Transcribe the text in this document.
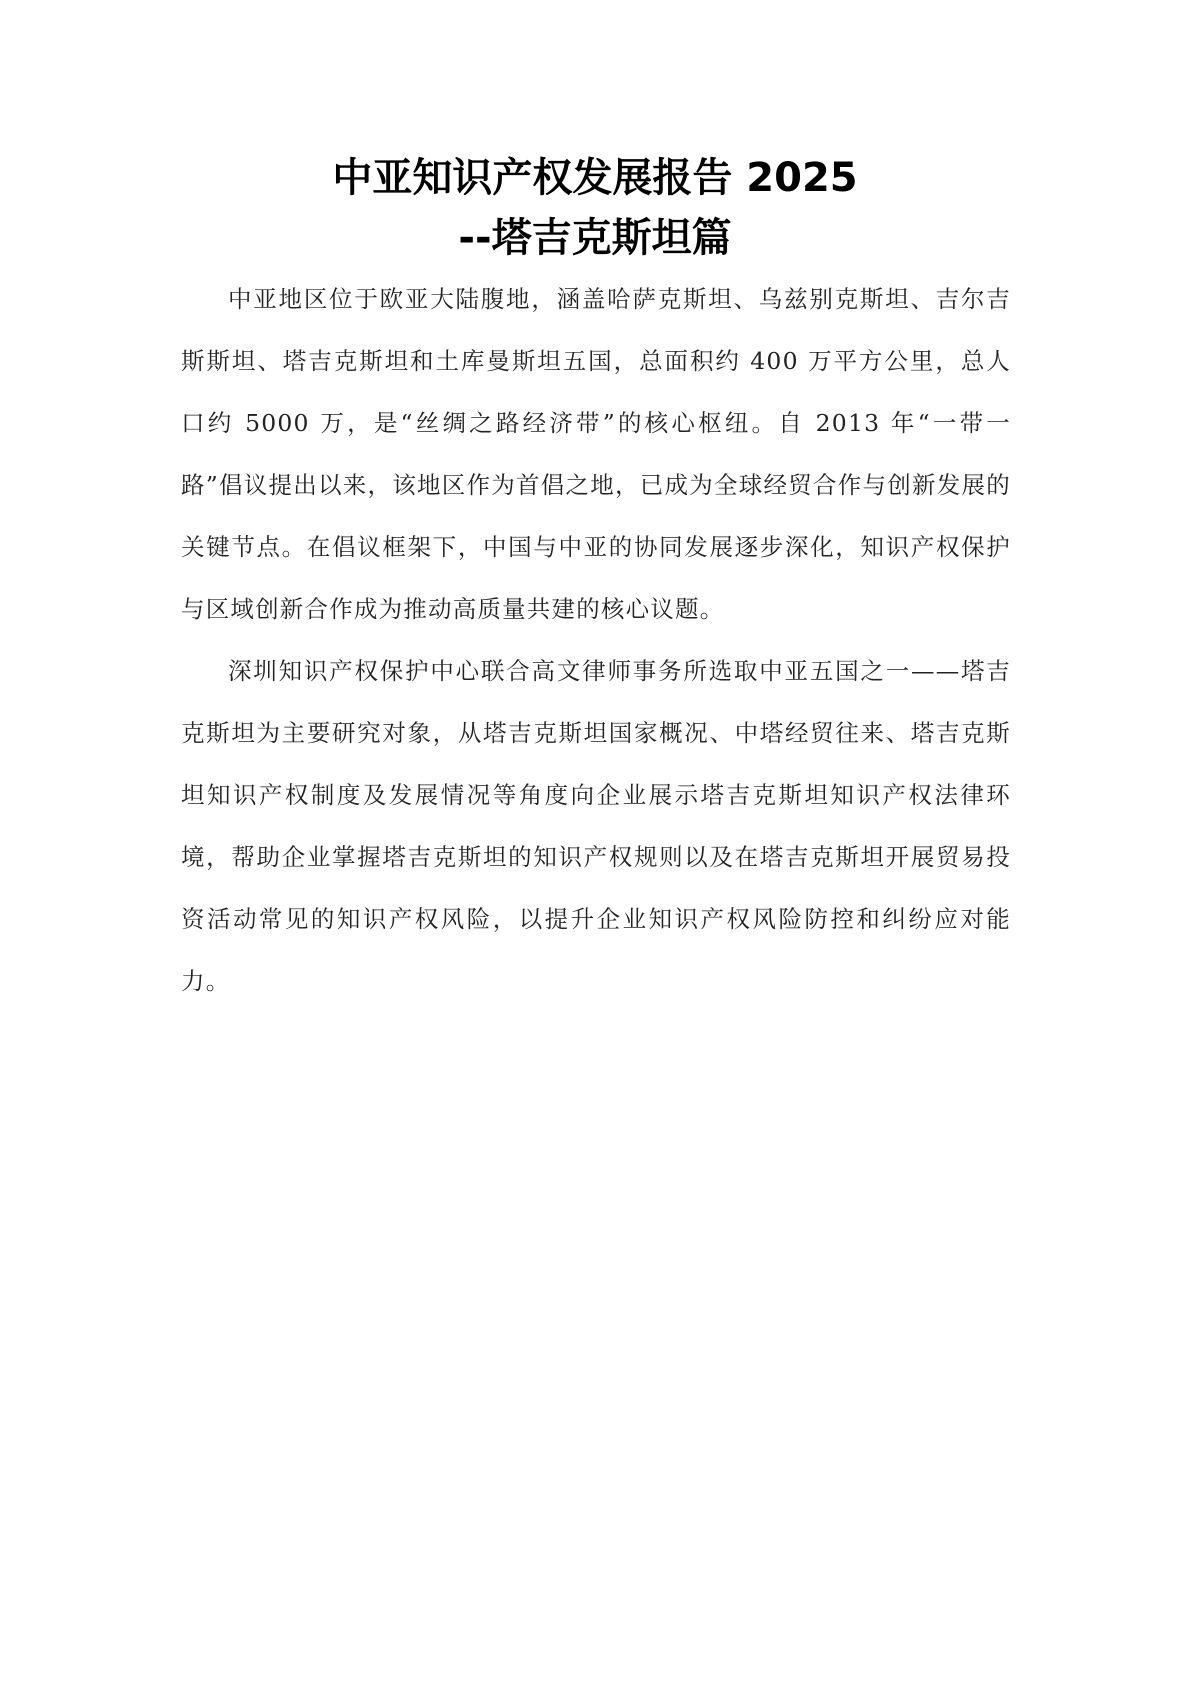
中亚知识产权发展报告 2025
--塔吉克斯坦篇

中亚地区位于欧亚大陆腹地，涵盖哈萨克斯坦、乌兹别克斯坦、吉尔吉斯斯坦、塔吉克斯坦和土库曼斯坦五国，总面积约 400 万平方公里，总人口约 5000 万，是“丝绸之路经济带”的核心枢纽。自 2013 年“一带一路”倡议提出以来，该地区作为首倡之地，已成为全球经贸合作与创新发展的关键节点。在倡议框架下，中国与中亚的协同发展逐步深化，知识产权保护与区域创新合作成为推动高质量共建的核心议题。

深圳知识产权保护中心联合高文律师事务所选取中亚五国之一——塔吉克斯坦为主要研究对象，从塔吉克斯坦国家概况、中塔经贸往来、塔吉克斯坦知识产权制度及发展情况等角度向企业展示塔吉克斯坦知识产权法律环境，帮助企业掌握塔吉克斯坦的知识产权规则以及在塔吉克斯坦开展贸易投资活动常见的知识产权风险，以提升企业知识产权风险防控和纠纷应对能力。
